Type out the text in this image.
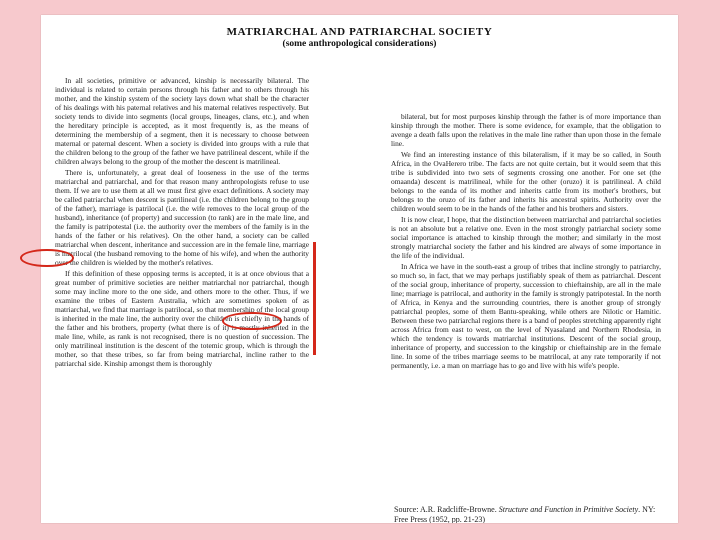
MATRIARCHAL AND PATRIARCHAL SOCIETY
(some anthropological considerations)

In all societies, primitive or advanced, kinship is necessarily bilateral. The individual is related to certain persons through his father and to others through his mother, and the kinship system of the society lays down what shall be the character of his dealings with his paternal relatives and his maternal relatives respectively. But society tends to divide into segments (local groups, lineages, clans, etc.), and when the hereditary principle is accepted, as it most frequently is, as the means of determining the membership of a segment, then it is necessary to choose between maternal or paternal descent. When a society is divided into groups with a rule that the children belong to the group of the father we have patrilineal descent, while if the children always belong to the group of the mother the descent is matrilineal.

There is, unfortunately, a great deal of looseness in the use of the terms matriarchal and patriarchal, and for that reason many anthropologists refuse to use them. If we are to use them at all we must first give exact definitions. A society may be called patriarchal when descent is patrilineal (i.e. the children belong to the group of the father), marriage is patrilocal (i.e. the wife removes to the local group of the husband), inheritance (of property) and succession (to rank) are in the male line, and the family is patripotestal (i.e. the authority over the members of the family is in the hands of the father or his relatives). On the other hand, a society can be called matriarchal when descent, inheritance and succession are in the female line, marriage is matrilocal (the husband removing to the home of his wife), and when the authority over the children is wielded by the mother's relatives.

If this definition of these opposing terms is accepted, it is at once obvious that a great number of primitive societies are neither matriarchal nor patriarchal, though some may incline more to the one side, and others more to the other. Thus, if we examine the tribes of Eastern Australia, which are sometimes spoken of as matriarchal, we find that marriage is patrilocal, so that membership of the local group is inherited in the male line, the authority over the children is chiefly in the hands of the father and his brothers, property (what there is of it) is mostly inherited in the male line, while, as rank is not recognised, there is no question of succession. The only matrilineal institution is the descent of the totemic group, which is through the mother, so that these tribes, so far from being matriarchal, incline rather to the patriarchal side. Kinship amongst them is thoroughly

bilateral, but for most purposes kinship through the father is of more importance than kinship through the mother. There is some evidence, for example, that the obligation to avenge a death falls upon the relatives in the male line rather than upon those in the female line.

We find an interesting instance of this bilateralism, if it may be so called, in South Africa, in the OvaHerero tribe. The facts are not quite certain, but it would seem that this tribe is subdivided into two sets of segments crossing one another. For one set (the omaanda) descent is matrilineal, while for the other (oruzo) it is patrilineal. A child belongs to the eanda of its mother and inherits cattle from its mother's brothers, but belongs to the oruzo of its father and inherits his ancestral spirits. Authority over the children would seem to be in the hands of the father and his brothers and sisters.

It is now clear, I hope, that the distinction between matriarchal and patriarchal societies is not an absolute but a relative one. Even in the most strongly patriarchal society some social importance is attached to kinship through the mother; and similarly in the most strongly matriarchal society the father and his kindred are always of some importance in the life of the individual.

In Africa we have in the south-east a group of tribes that incline strongly to patriarchy, so much so, in fact, that we may perhaps justifiably speak of them as patriarchal. Descent of the social group, inheritance of property, succession to chieftainship, are all in the male line; marriage is patrilocal, and authority in the family is strongly patripotestal. In the north of Africa, in Kenya and the surrounding countries, there is another group of strongly patriarchal peoples, some of them Bantu-speaking, while others are Nilotic or Hamitic. Between these two patriarchal regions there is a band of peoples stretching apparently right across Africa from east to west, on the level of Nyasaland and Northern Rhodesia, in which the tendency is towards matriarchal institutions. Descent of the social group, inheritance of property, and succession to the kingship or chieftainship are in the female line. In some of the tribes marriage seems to be matrilocal, at any rate temporarily if not permanently, i.e. a man on marriage has to go and live with his wife's people.

Source: A.R. Radcliffe-Browne. Structure and Function in Primitive Society. NY: Free Press (1952, pp. 21-23)
